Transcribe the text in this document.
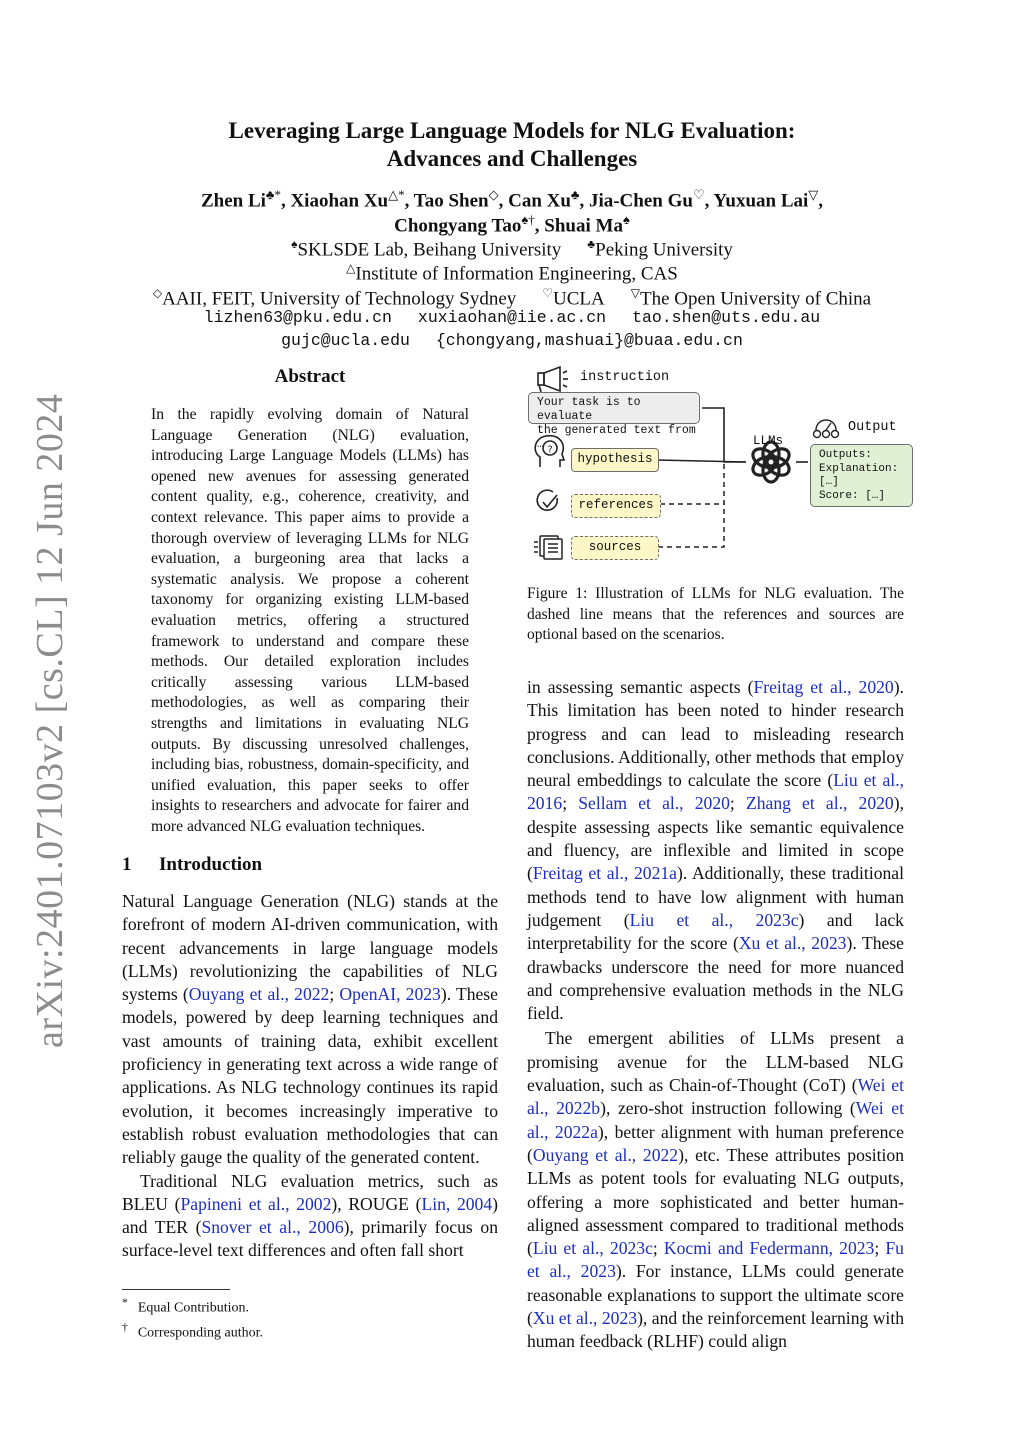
arXiv:2401.07103v2 [cs.CL] 12 Jun 2024
Leveraging Large Language Models for NLG Evaluation:
Advances and Challenges
Zhen Li♣*, Xiaohan Xu△*, Tao Shen◇, Can Xu♣, Jia-Chen Gu♡, Yuxuan Lai▽,
Chongyang Tao♠†, Shuai Ma♠
♠SKLSDE Lab, Beihang University ♣Peking University
△Institute of Information Engineering, CAS
◇AAII, FEIT, University of Technology Sydney ♡UCLA ▽The Open University of China
lizhen63@pku.edu.cn xuxiaohan@iie.ac.cn tao.shen@uts.edu.au
gujc@ucla.edu {chongyang,mashuai}@buaa.edu.cn
Abstract
In the rapidly evolving domain of Natural Language Generation (NLG) evaluation, introducing Large Language Models (LLMs) has opened new avenues for assessing generated content quality, e.g., coherence, creativity, and context relevance. This paper aims to provide a thorough overview of leveraging LLMs for NLG evaluation, a burgeoning area that lacks a systematic analysis. We propose a coherent taxonomy for organizing existing LLM-based evaluation metrics, offering a structured framework to understand and compare these methods. Our detailed exploration includes critically assessing various LLM-based methodologies, as well as comparing their strengths and limitations in evaluating NLG outputs. By discussing unresolved challenges, including bias, robustness, domain-specificity, and unified evaluation, this paper seeks to offer insights to researchers and advocate for fairer and more advanced NLG evaluation techniques.
1 Introduction

Natural Language Generation (NLG) stands at the forefront of modern AI-driven communication, with recent advancements in large language models (LLMs) revolutionizing the capabilities of NLG systems (Ouyang et al., 2022; OpenAI, 2023). These models, powered by deep learning techniques and vast amounts of training data, exhibit excellent proficiency in generating text across a wide range of applications. As NLG technology continues its rapid evolution, it becomes increasingly imperative to establish robust evaluation methodologies that can reliably gauge the quality of the generated content.

Traditional NLG evaluation metrics, such as BLEU (Papineni et al., 2002), ROUGE (Lin, 2004) and TER (Snover et al., 2006), primarily focus on surface-level text differences and often fall short

* Equal Contribution.
† Corresponding author.
?
instruction
Your task is to evaluate
the generated text from …
hypothesis
references
sources
LLMs
Output
Outputs:
Explanation:
[…]
Score: […]
Figure 1: Illustration of LLMs for NLG evaluation. The dashed line means that the references and sources are optional based on the scenarios.

in assessing semantic aspects (Freitag et al., 2020). This limitation has been noted to hinder research progress and can lead to misleading research conclusions. Additionally, other methods that employ neural embeddings to calculate the score (Liu et al., 2016; Sellam et al., 2020; Zhang et al., 2020), despite assessing aspects like semantic equivalence and fluency, are inflexible and limited in scope (Freitag et al., 2021a). Additionally, these traditional methods tend to have low alignment with human judgement (Liu et al., 2023c) and lack interpretability for the score (Xu et al., 2023). These drawbacks underscore the need for more nuanced and comprehensive evaluation methods in the NLG field.

The emergent abilities of LLMs present a promising avenue for the LLM-based NLG evaluation, such as Chain-of-Thought (CoT) (Wei et al., 2022b), zero-shot instruction following (Wei et al., 2022a), better alignment with human preference (Ouyang et al., 2022), etc. These attributes position LLMs as potent tools for evaluating NLG outputs, offering a more sophisticated and better human-aligned assessment compared to traditional methods (Liu et al., 2023c; Kocmi and Federmann, 2023; Fu et al., 2023). For instance, LLMs could generate reasonable explanations to support the ultimate score (Xu et al., 2023), and the reinforcement learning with human feedback (RLHF) could align
